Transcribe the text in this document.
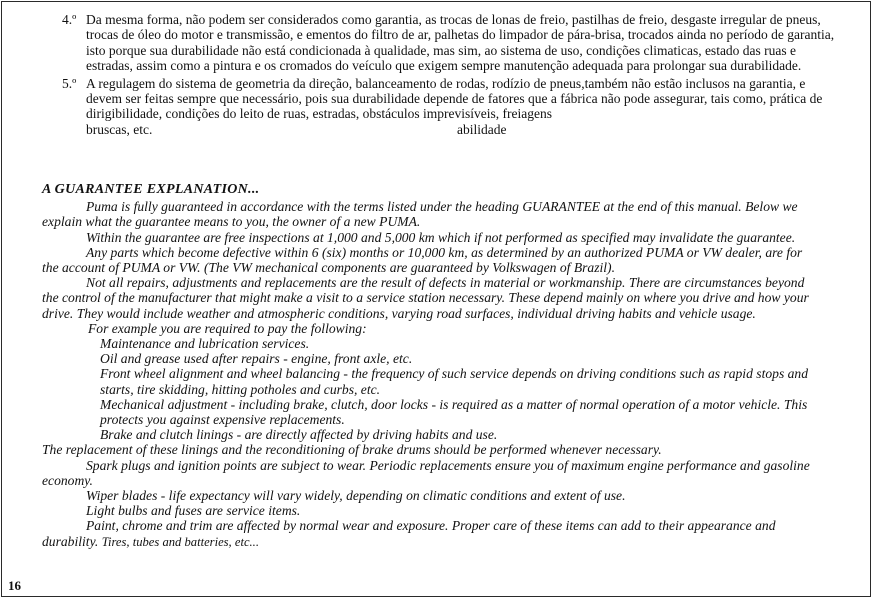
4.º Da mesma forma, não podem ser considerados como garantia, as trocas de lonas de freio, pastilhas de freio, desgaste irregular de pneus, trocas de óleo do motor e transmissão, e ementos do filtro de ar, palhetas do limpador de pára-brisa, trocados ainda no período de garantia, isto porque sua durabilidade não está condicionada à qualidade, mas sim, ao sistema de uso, condições climaticas, estado das ruas e estradas, assim como a pintura e os cromados do veículo que exigem sempre manutenção adequada para prolongar sua durabilidade.
5.º A regulagem do sistema de geometria da direção, balanceamento de rodas, rodízio de pneus,também não estão inclusos na garantia, e devem ser feitas sempre que necessário, pois sua durabilidade depende de fatores que a fábrica não pode assegurar, tais como, prática de dirigibilidade, condições do leito de ruas, estradas, obstáculos imprevisíveis, freiagens
bruscas, etc.	abilidade

A GUARANTEE EXPLANATION...

Puma is fully guaranteed in accordance with the terms listed under the heading GUARANTEE at the end of this manual. Below we explain what the guarantee means to you, the owner of a new PUMA.

Within the guarantee are free inspections at 1,000 and 5,000 km which if not performed as specified may invalidate the guarantee.

Any parts which become defective within 6 (six) months or 10,000 km, as determined by an authorized PUMA or VW dealer, are for the account of PUMA or VW. (The VW mechanical components are guaranteed by Volkswagen of Brazil).

Not all repairs, adjustments and replacements are the result of defects in material or workmanship. There are circumstances beyond the control of the manufacturer that might make a visit to a service station necessary. These depend mainly on where you drive and how your drive. They would include weather and atmospheric conditions, varying road surfaces, individual driving habits and vehicle usage.

For example you are required to pay the following:

Maintenance and lubrication services.

Oil and grease used after repairs - engine, front axle, etc.

Front wheel alignment and wheel balancing - the frequency of such service depends on driving conditions such as rapid stops and starts, tire skidding, hitting potholes and curbs, etc.

Mechanical adjustment - including brake, clutch, door locks - is required as a matter of normal operation of a motor vehicle. This protects you against expensive replacements.

Brake and clutch linings - are directly affected by driving habits and use.

The replacement of these linings and the reconditioning of brake drums should be performed whenever necessary.

Spark plugs and ignition points are subject to wear. Periodic replacements ensure you of maximum engine performance and gasoline economy.

Wiper blades - life expectancy will vary widely, depending on climatic conditions and extent of use.

Light bulbs and fuses are service items.

Paint, chrome and trim are affected by normal wear and exposure. Proper care of these items can add to their appearance and durability. Tires, tubes and batteries, etc...

16
